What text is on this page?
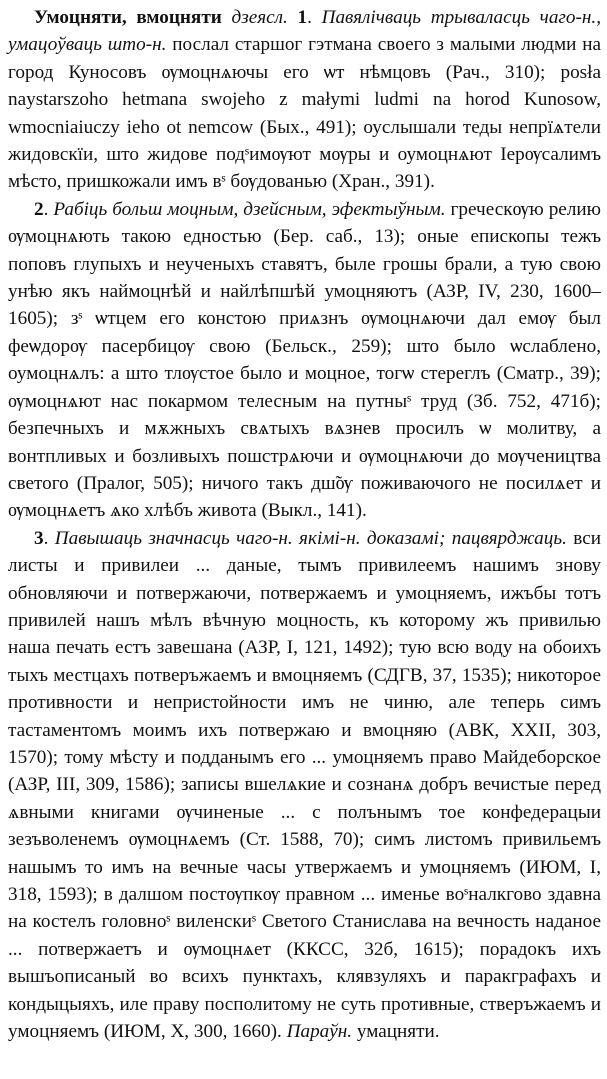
Умоцняти, вмоцняти дзеясл. 1. Павялічваць трываласць чаго-н., умацоўваць што-н. послал старшог гэтмана своего з малыми людми на город Куносовъ ѹмоцнѧючы его ѡт нѣмцовъ (Рач., 310); posła naystarszoho hetmana swojeho z małymi ludmi na horod Kunosow, wmocniaiuczy ieho ot nemcow (Бых., 491); оуслышали теды непрїѧтели жидовскїи, што жидове подˢимѹют мѹры и оумоцнѧют Іерѹсалимъ мѣсто, пришкожали имъ вˢ бѹдованью (Хран., 391).

2. Рабіць больш моцным, дзейсным, эфектыўным. греческѹю релию ѹмоцнѧють такою едностью (Бер. саб., 13); оные епископы тежъ поповъ глупыхъ и неученыхъ ставятъ, быле грошы брали, а тую свою унѣю якъ наймоцнѣй и найлѣпшѣй умоцняютъ (АЗР, IV, 230, 1600–1605); зˢ ѡтцем его констою приѧзнъ ѹмоцнѧючи дал емѹ был феѡдорѹ пасербицѹ свою (Бельск., 259); што было ѡслаблено, оумоцнѧлъ: а што тлѹстое было и моцное, тогѡ стереглъ (Сматр., 39); ѹмоцнѧют нас покармом телесным на путныˢ труд (Зб. 752, 471б); безпечныхъ и мѫжныхъ свѧтыхъ вѧзнев просилъ ѡ молитву, а вонтпливых и бозливыхъ пошстрѧючи и ѹмоцнѧючи до мѹчеництва светого (Пралог, 505); ничого такъ дш̃ѹ поживаючого не посилѧет и ѹмоцнѧетъ ѧко хлѣбъ живота (Выкл., 141).

3. Павышаць значнасць чаго-н. якімі-н. доказамі; пацвярджаць. вси листы и привилеи ... даные, тымъ привилеемъ нашимъ знову обновляючи и потвержаючи, потвержаемъ и умоцняемъ, ижъбы тотъ привилей нашъ мѣлъ вѣчную моцность, къ которому жъ привилью наша печать естъ завешана (АЗР, I, 121, 1492); тую всю воду на обоихъ тыхъ местцахъ потверъжаемъ и вмоцняемъ (СДГВ, 37, 1535); никоторое противности и непристойности имъ не чиню, але теперь симъ тастаментомъ моимъ ихъ потвержаю и вмоцняю (АВК, XXII, 303, 1570); тому мѣсту и подданымъ его ... умоцняемъ право Майдеборское (АЗР, III, 309, 1586); записы вшелѧкие и сознанѧ добръ вечистые перед ѧвными книгами ѹчиненые ... с полънымъ тое конфедерацыи зезъволенемъ ѹмоцнѧемъ (Ст. 1588, 70); симъ листомъ привильемъ нашымъ то имъ на вечные часы утвержаемъ и умоцняемъ (ИЮМ, I, 318, 1593); в далшом постѹпкѹ правном ... именье воˢналкгово здавна на костелъ головноˢ виленскиˢ Светого Станислава на вечность наданое ... потвержаетъ и ѹмоцнѧет (ККСС, 32б, 1615); порадокъ ихъ вышъописаный во всихъ пунктахъ, клявзуляхъ и паракграфахъ и кондыцыяхъ, иле праву посполитому не суть противные, стверъжаемъ и умоцняемъ (ИЮМ, X, 300, 1660). Параўн. умацняти.
